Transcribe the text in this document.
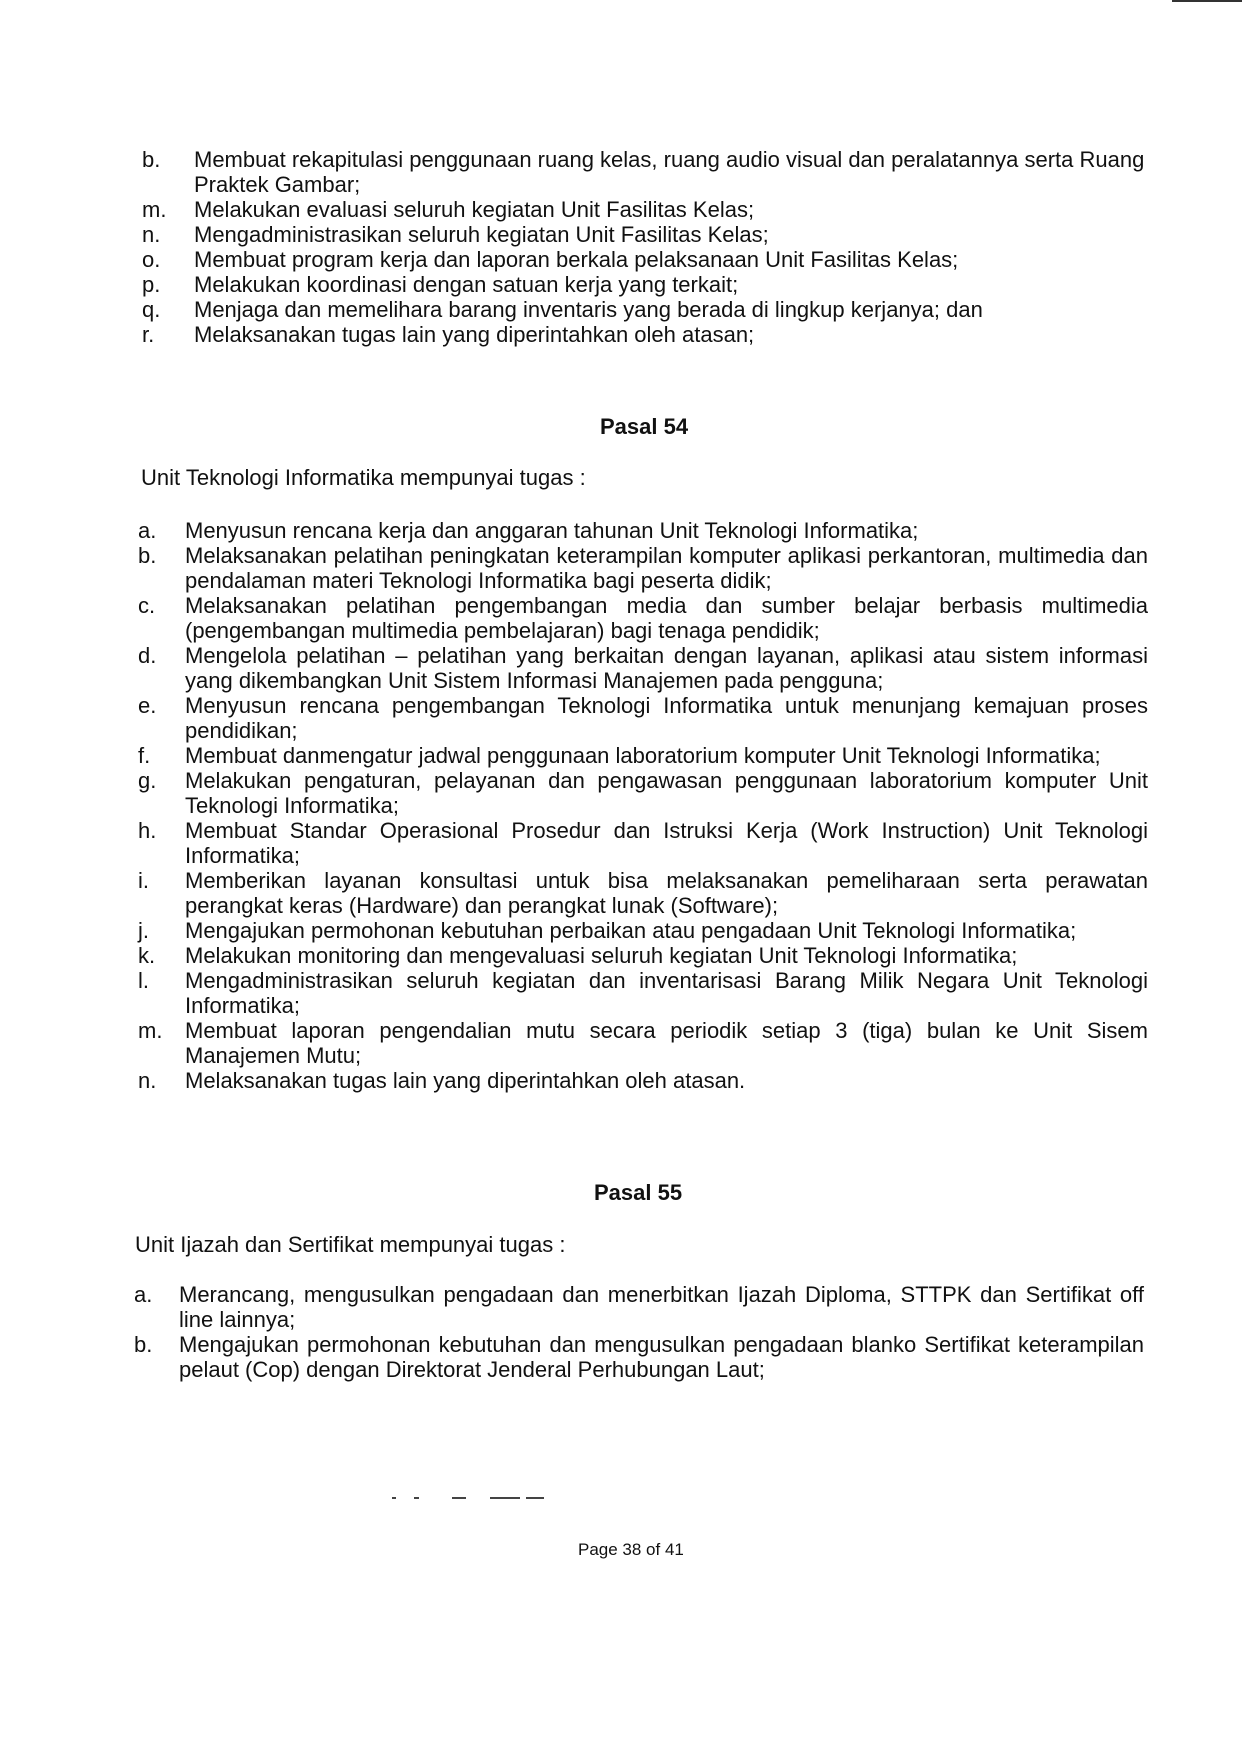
b.	Membuat rekapitulasi penggunaan ruang kelas, ruang audio visual dan peralatannya serta Ruang Praktek Gambar;
m.	Melakukan evaluasi seluruh kegiatan Unit Fasilitas Kelas;
n.	Mengadministrasikan seluruh kegiatan Unit Fasilitas Kelas;
o.	Membuat program kerja dan laporan berkala pelaksanaan Unit Fasilitas Kelas;
p.	Melakukan koordinasi dengan satuan kerja yang terkait;
q.	Menjaga dan memelihara barang inventaris yang berada di lingkup kerjanya; dan
r.	Melaksanakan tugas lain yang diperintahkan oleh atasan;
Pasal 54
Unit Teknologi Informatika mempunyai tugas :
a.	Menyusun rencana kerja dan anggaran tahunan Unit Teknologi Informatika;
b.	Melaksanakan pelatihan peningkatan keterampilan komputer aplikasi perkantoran, multimedia dan pendalaman materi Teknologi Informatika bagi peserta didik;
c.	Melaksanakan pelatihan pengembangan media dan sumber belajar berbasis multimedia (pengembangan multimedia pembelajaran) bagi tenaga pendidik;
d.	Mengelola pelatihan – pelatihan yang berkaitan dengan layanan, aplikasi atau sistem informasi yang dikembangkan Unit Sistem Informasi Manajemen pada pengguna;
e.	Menyusun rencana pengembangan Teknologi Informatika untuk menunjang kemajuan proses pendidikan;
f.	Membuat danmengatur jadwal penggunaan laboratorium komputer Unit Teknologi Informatika;
g.	Melakukan pengaturan, pelayanan dan pengawasan penggunaan laboratorium komputer Unit Teknologi Informatika;
h.	Membuat Standar Operasional Prosedur dan Istruksi Kerja (Work Instruction) Unit Teknologi Informatika;
i.	Memberikan layanan konsultasi untuk bisa melaksanakan pemeliharaan serta perawatan perangkat keras (Hardware) dan perangkat lunak (Software);
j.	Mengajukan permohonan kebutuhan perbaikan atau pengadaan Unit Teknologi Informatika;
k.	Melakukan monitoring dan mengevaluasi seluruh kegiatan Unit Teknologi Informatika;
l.	Mengadministrasikan seluruh kegiatan dan inventarisasi Barang Milik Negara Unit Teknologi Informatika;
m.	Membuat laporan pengendalian mutu secara periodik setiap 3 (tiga) bulan ke Unit Sisem Manajemen Mutu;
n.	Melaksanakan tugas lain yang diperintahkan oleh atasan.
Pasal 55
Unit Ijazah dan Sertifikat mempunyai tugas :
a.	Merancang, mengusulkan pengadaan dan menerbitkan Ijazah Diploma, STTPK dan Sertifikat off line lainnya;
b.	Mengajukan permohonan kebutuhan dan mengusulkan pengadaan blanko Sertifikat keterampilan pelaut (Cop) dengan Direktorat Jenderal Perhubungan Laut;
Page 38 of 41
